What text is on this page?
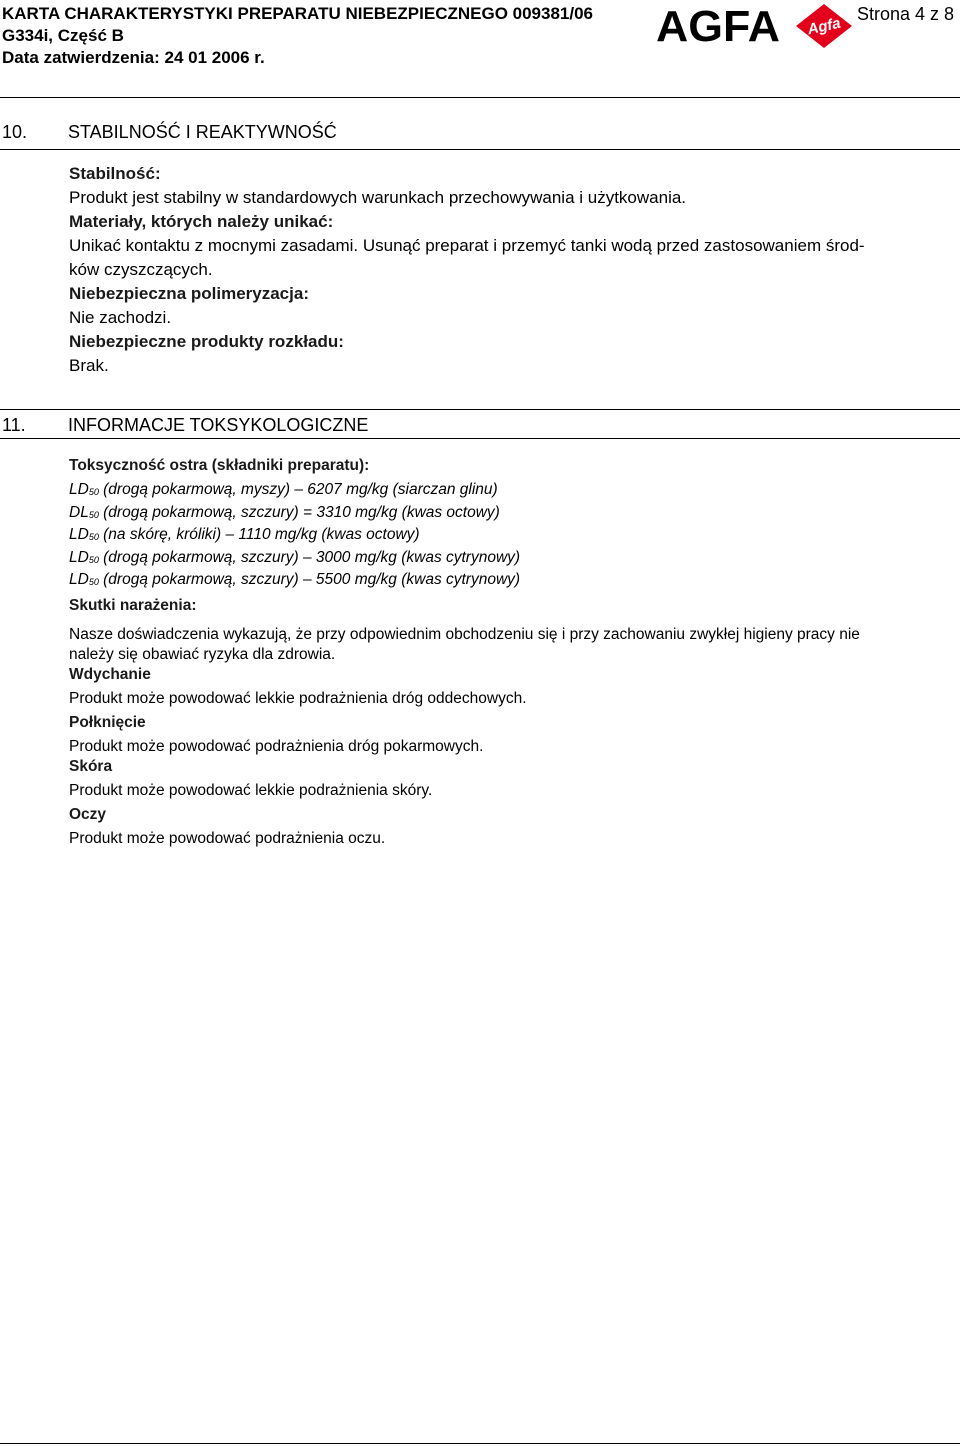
KARTA CHARAKTERYSTYKI PREPARATU NIEBEZPIECZNEGO 009381/06
G334i, Część B
Data zatwierdzenia: 24 01 2006 r.
AGFA Agfa
Strona 4 z 8
10. STABILNOŚĆ I REAKTYWNOŚĆ
Stabilność:
Produkt jest stabilny w standardowych warunkach przechowywania i użytkowania.
Materiały, których należy unikać:
Unikać kontaktu z mocnymi zasadami. Usunąć preparat i przemyć tanki wodą przed zastosowaniem środ-
ków czyszczących.
Niebezpieczna polimeryzacja:
Nie zachodzi.
Niebezpieczne produkty rozkładu:
Brak.
11. INFORMACJE TOKSYKOLOGICZNE
Toksyczność ostra (składniki preparatu):
$LD_{50}$ (drogą pokarmową, myszy) – 6207 mg/kg (siarczan glinu)
$DL_{50}$ (drogą pokarmową, szczury) = 3310 mg/kg (kwas octowy)
$LD_{50}$ (na skórę, króliki) – 1110 mg/kg (kwas octowy)
$LD_{50}$ (drogą pokarmową, szczury) – 3000 mg/kg (kwas cytrynowy)
$LD_{50}$ (drogą pokarmową, szczury) – 5500 mg/kg (kwas cytrynowy)
Skutki narażenia:
Nasze doświadczenia wykazują, że przy odpowiednim obchodzeniu się i przy zachowaniu zwykłej higieny pracy nie
należy się obawiać ryzyka dla zdrowia.
Wdychanie
Produkt może powodować lekkie podrażnienia dróg oddechowych.
Połknięcie
Produkt może powodować podrażnienia dróg pokarmowych.
Skóra
Produkt może powodować lekkie podrażnienia skóry.
Oczy
Produkt może powodować podrażnienia oczu.
